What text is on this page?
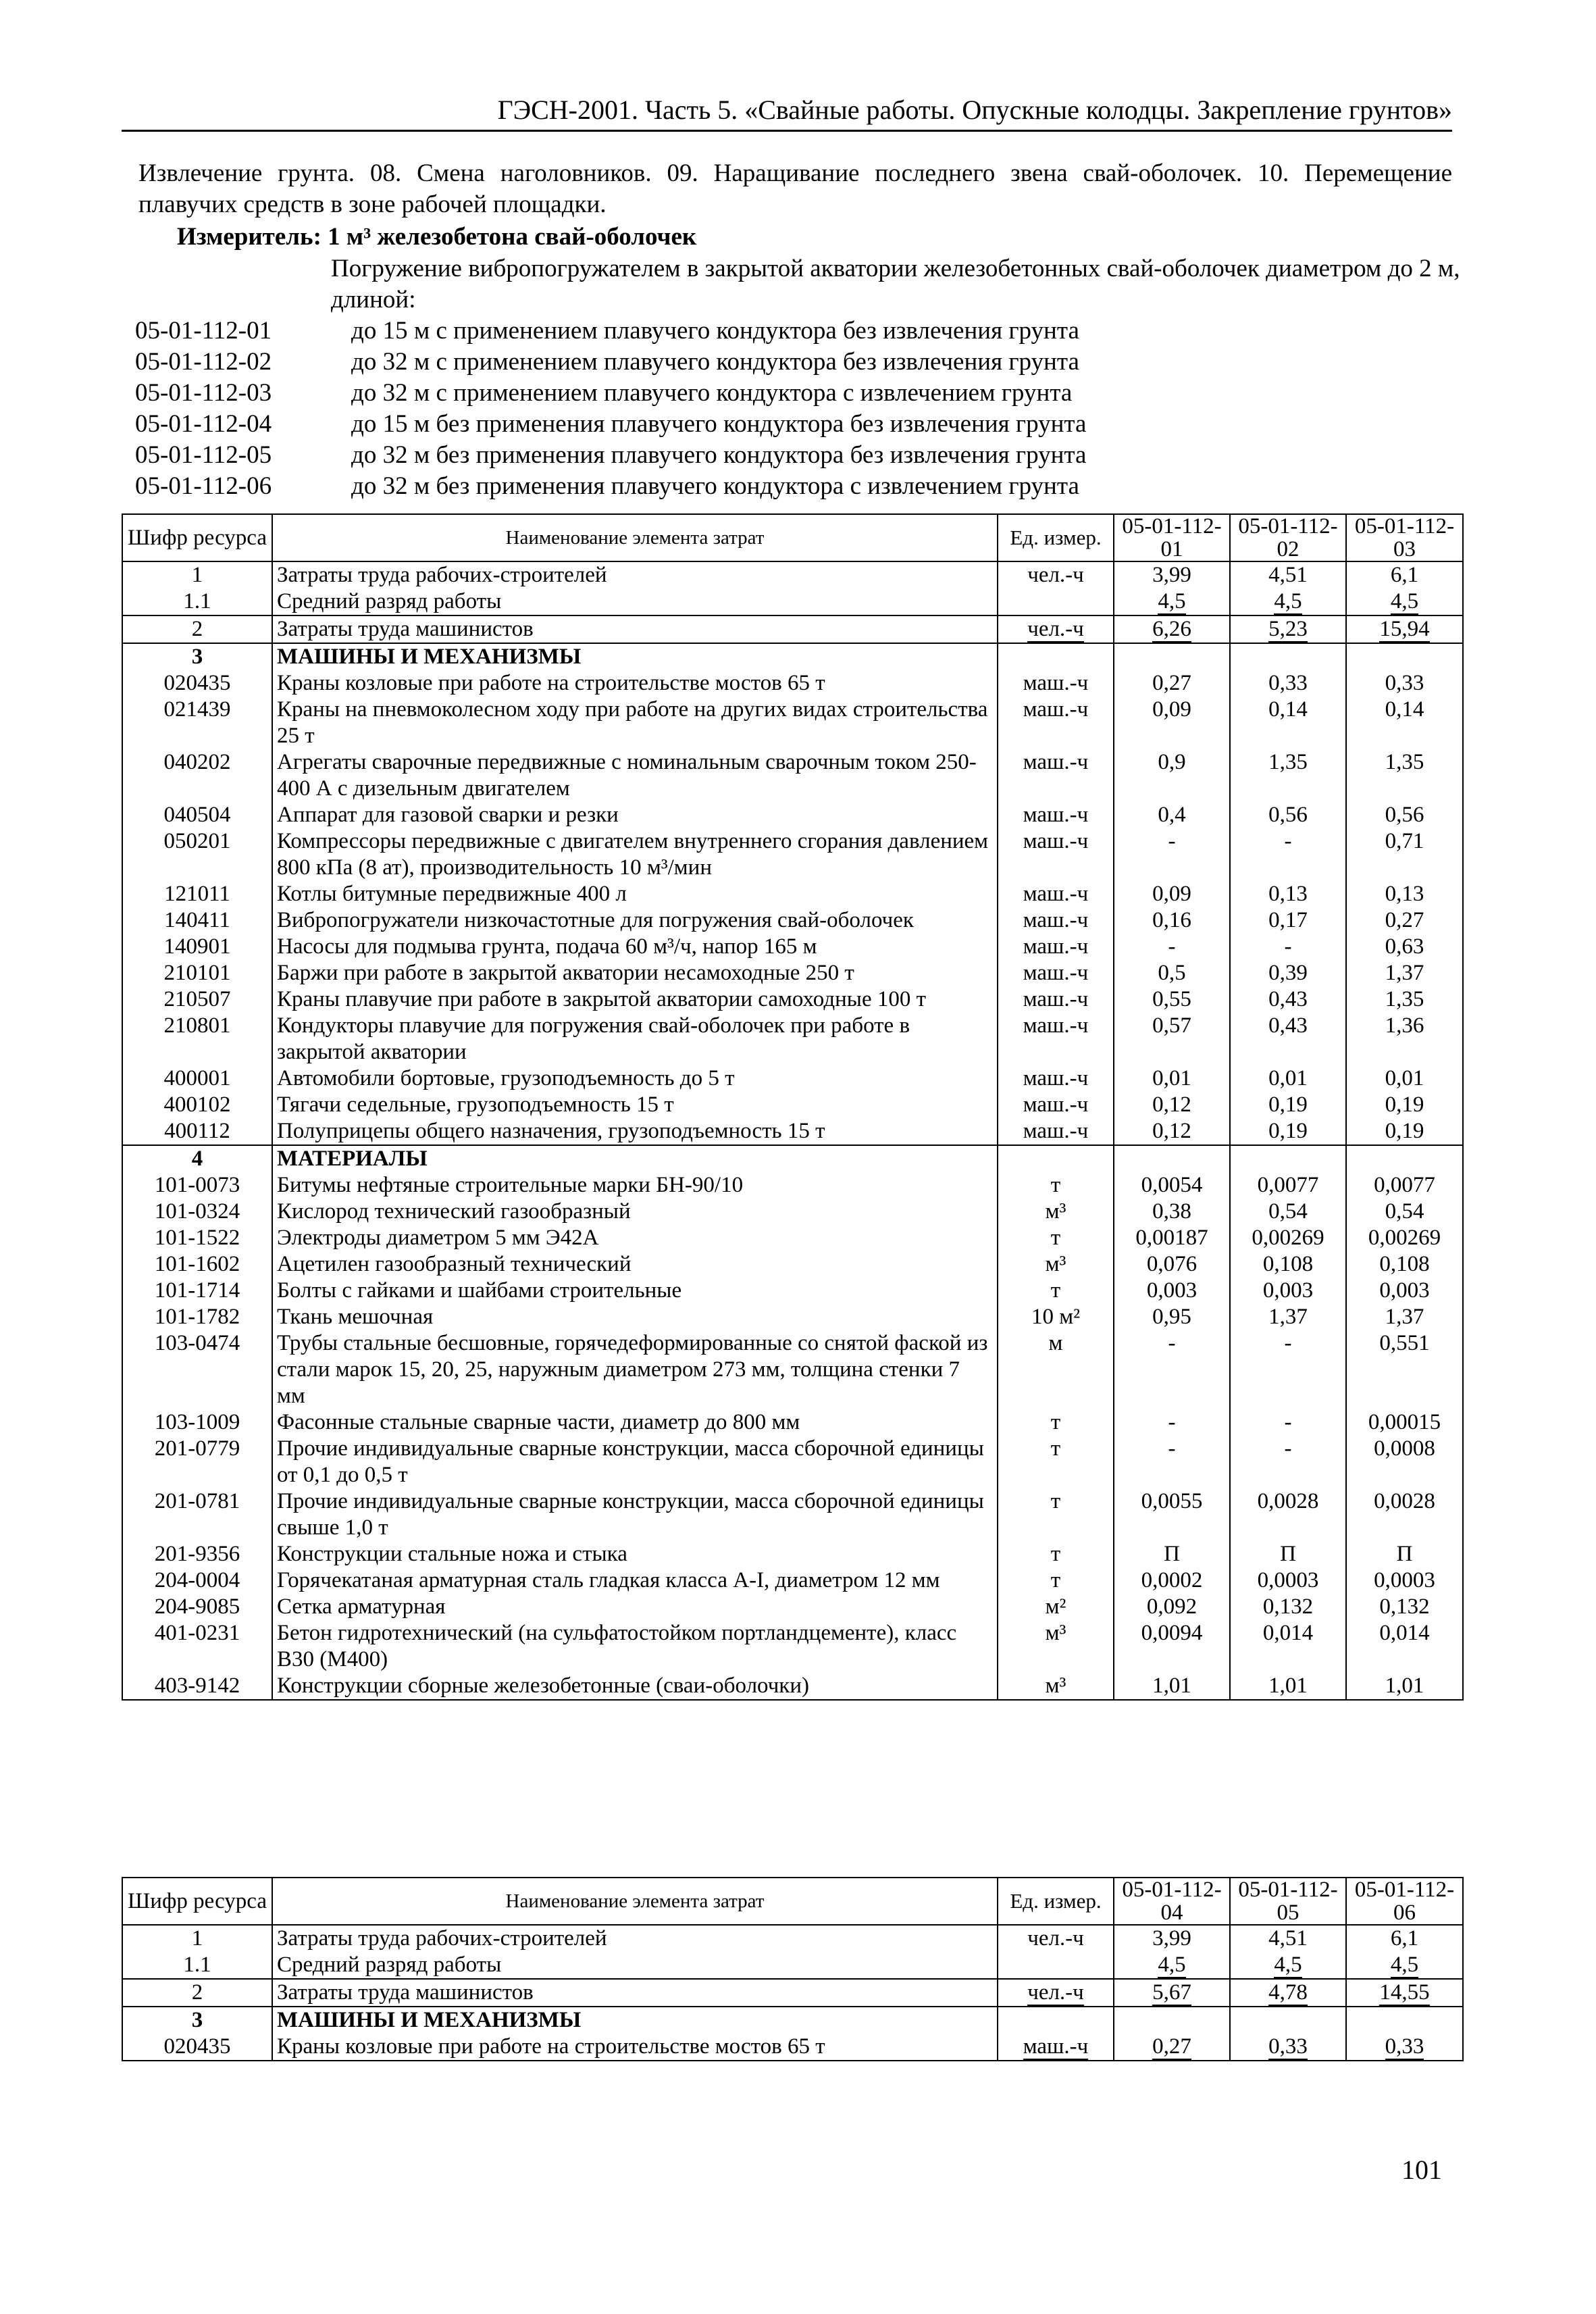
ГЭСН-2001. Часть 5. «Свайные работы. Опускные колодцы. Закрепление грунтов»
Извлечение грунта. 08. Смена наголовников. 09. Наращивание последнего звена свай-оболочек. 10. Перемещение плавучих средств в зоне рабочей площадки.
Измеритель: 1 м³ железобетона свай-оболочек
Погружение вибропогружателем в закрытой акватории железобетонных свай-оболочек диаметром до 2 м, длиной:
05-01-112-01	до 15 м с применением плавучего кондуктора без извлечения грунта
05-01-112-02	до 32 м с применением плавучего кондуктора без извлечения грунта
05-01-112-03	до 32 м с применением плавучего кондуктора с извлечением грунта
05-01-112-04	до 15 м без применения плавучего кондуктора без извлечения грунта
05-01-112-05	до 32 м без применения плавучего кондуктора без извлечения грунта
05-01-112-06	до 32 м без применения плавучего кондуктора с извлечением грунта
Шифр ресурса	Наименование элемента затрат	Ед. измер.	05-01-112-01	05-01-112-02	05-01-112-03
1	Затраты труда рабочих-строителей	чел.-ч	3,99	4,51	6,1
1.1	Средний разряд работы		4,5	4,5	4,5
2	Затраты труда машинистов	чел.-ч	6,26	5,23	15,94
3	МАШИНЫ И МЕХАНИЗМЫ				
020435	Краны козловые при работе на строительстве мостов 65 т	маш.-ч	0,27	0,33	0,33
021439	Краны на пневмоколесном ходу при работе на других видах строительства 25 т	маш.-ч	0,09	0,14	0,14
040202	Агрегаты сварочные передвижные с номинальным сварочным током 250-400 А с дизельным двигателем	маш.-ч	0,9	1,35	1,35
040504	Аппарат для газовой сварки и резки	маш.-ч	0,4	0,56	0,56
050201	Компрессоры передвижные с двигателем внутреннего сгорания давлением 800 кПа (8 ат), производительность 10 м³/мин	маш.-ч	-	-	0,71
121011	Котлы битумные передвижные 400 л	маш.-ч	0,09	0,13	0,13
140411	Вибропогружатели низкочастотные для погружения свай-оболочек	маш.-ч	0,16	0,17	0,27
140901	Насосы для подмыва грунта, подача 60 м³/ч, напор 165 м	маш.-ч	-	-	0,63
210101	Баржи при работе в закрытой акватории несамоходные 250 т	маш.-ч	0,5	0,39	1,37
210507	Краны плавучие при работе в закрытой акватории самоходные 100 т	маш.-ч	0,55	0,43	1,35
210801	Кондукторы плавучие для погружения свай-оболочек при работе в закрытой акватории	маш.-ч	0,57	0,43	1,36
400001	Автомобили бортовые, грузоподъемность до 5 т	маш.-ч	0,01	0,01	0,01
400102	Тягачи седельные, грузоподъемность 15 т	маш.-ч	0,12	0,19	0,19
400112	Полуприцепы общего назначения, грузоподъемность 15 т	маш.-ч	0,12	0,19	0,19
4	МАТЕРИАЛЫ				
101-0073	Битумы нефтяные строительные марки БН-90/10	т	0,0054	0,0077	0,0077
101-0324	Кислород технический газообразный	м³	0,38	0,54	0,54
101-1522	Электроды диаметром 5 мм Э42А	т	0,00187	0,00269	0,00269
101-1602	Ацетилен газообразный технический	м³	0,076	0,108	0,108
101-1714	Болты с гайками и шайбами строительные	т	0,003	0,003	0,003
101-1782	Ткань мешочная	10 м²	0,95	1,37	1,37
103-0474	Трубы стальные бесшовные, горячедеформированные со снятой фаской из стали марок 15, 20, 25, наружным диаметром 273 мм, толщина стенки 7 мм	м	-	-	0,551
103-1009	Фасонные стальные сварные части, диаметр до 800 мм	т	-	-	0,00015
201-0779	Прочие индивидуальные сварные конструкции, масса сборочной единицы от 0,1 до 0,5 т	т	-	-	0,0008
201-0781	Прочие индивидуальные сварные конструкции, масса сборочной единицы свыше 1,0 т	т	0,0055	0,0028	0,0028
201-9356	Конструкции стальные ножа и стыка	т	П	П	П
204-0004	Горячекатаная арматурная сталь гладкая класса А-I, диаметром 12 мм	т	0,0002	0,0003	0,0003
204-9085	Сетка арматурная	м²	0,092	0,132	0,132
401-0231	Бетон гидротехнический (на сульфатостойком портландцементе), класс В30 (М400)	м³	0,0094	0,014	0,014
403-9142	Конструкции сборные железобетонные (сваи-оболочки)	м³	1,01	1,01	1,01
Шифр ресурса	Наименование элемента затрат	Ед. измер.	05-01-112-04	05-01-112-05	05-01-112-06
1	Затраты труда рабочих-строителей	чел.-ч	3,99	4,51	6,1
1.1	Средний разряд работы		4,5	4,5	4,5
2	Затраты труда машинистов	чел.-ч	5,67	4,78	14,55
3	МАШИНЫ И МЕХАНИЗМЫ				
020435	Краны козловые при работе на строительстве мостов 65 т	маш.-ч	0,27	0,33	0,33
101
